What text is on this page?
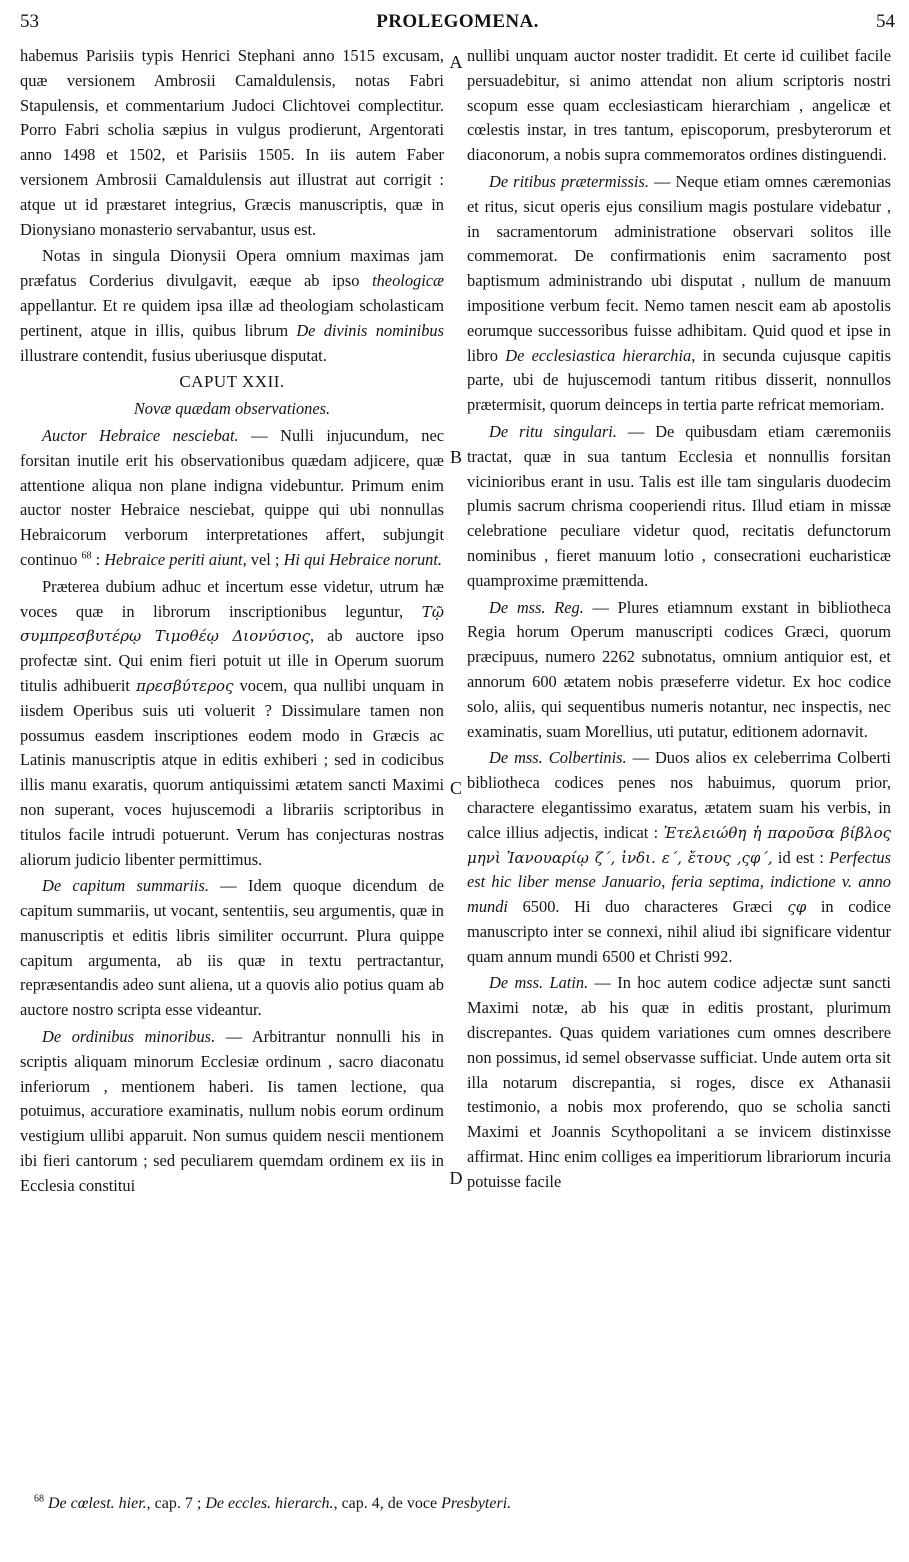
53	PROLEGOMENA.	54

habemus Parisiis typis Henrici Stephani anno 1515 excusam, quæ versionem Ambrosii Camaldulensis, notas Fabri Stapulensis, et commentarium Judoci Clichtovei complectitur. Porro Fabri scholia sæpius in vulgus prodierunt, Argentorati anno 1498 et 1502, et Parisiis 1505. In iis autem Faber versionem Ambrosii Camaldulensis aut illustrat aut corrigit : atque ut id præstaret integrius, Græcis manuscriptis, quæ in Dionysiano monasterio servabantur, usus est.

Notas in singula Dionysii Opera omnium maximas jam præfatus Corderius divulgavit, eæque ab ipso theologicæ appellantur. Et re quidem ipsa illæ ad theologiam scholasticam pertinent, atque in illis, quibus librum De divinis nominibus illustrare contendit, fusius uberiusque disputat.

CAPUT XXII.

Novæ quædam observationes.

Auctor Hebraice nesciebat. — Nulli injucundum, nec forsitan inutile erit his observationibus quædam adjicere, quæ attentione aliqua non plane indigna videbuntur. Primum enim auctor noster Hebraice nesciebat, quippe qui ubi nonnullas Hebraicorum verborum interpretationes affert, subjungit continuo $^{68}$ : Hebraice periti aiunt, vel ; Hi qui Hebraice norunt.

Præterea dubium adhuc et incertum esse videtur, utrum hæ voces quæ in librorum inscriptionibus leguntur, Τῷ συμπρεσβυτέρῳ Τιμοθέῳ Διονύσιος, ab auctore ipso profectæ sint. Qui enim fieri potuit ut ille in Operum suorum titulis adhibuerit πρεσβύτερος vocem, qua nullibi unquam in iisdem Operibus suis uti voluerit ? Dissimulare tamen non possumus easdem inscriptiones eodem modo in Græcis ac Latinis manuscriptis atque in editis exhiberi ; sed in codicibus illis manu exaratis, quorum antiquissimi ætatem sancti Maximi non superant, voces hujuscemodi a librariis scriptoribus in titulos facile intrudi potuerunt. Verum has conjecturas nostras aliorum judicio libenter permittimus.

De capitum summariis. — Idem quoque dicendum de capitum summariis, ut vocant, sententiis, seu argumentis, quæ in manuscriptis et editis libris similiter occurrunt. Plura quippe capitum argumenta, ab iis quæ in textu pertractantur, repræsentandis adeo sunt aliena, ut a quovis alio potius quam ab auctore nostro scripta esse videantur.

De ordinibus minoribus. — Arbitrantur nonnulli his in scriptis aliquam minorum Ecclesiæ ordinum , sacro diaconatu inferiorum , mentionem haberi. Iis tamen lectione, qua potuimus, accuratiore examinatis, nullum nobis eorum ordinum vestigium ullibi apparuit. Non sumus quidem nescii mentionem ibi fieri cantorum ; sed peculiarem quemdam ordinem ex iis in Ecclesia constitui

A
B
C
D

nullibi unquam auctor noster tradidit. Et certe id cuilibet facile persuadebitur, si animo attendat non alium scriptoris nostri scopum esse quam ecclesiasticam hierarchiam , angelicæ et cœlestis instar, in tres tantum, episcoporum, presbyterorum et diaconorum, a nobis supra commemoratos ordines distinguendi.

De ritibus prætermissis. — Neque etiam omnes cæremonias et ritus, sicut operis ejus consilium magis postulare videbatur , in sacramentorum administratione observari solitos ille commemorat. De confirmationis enim sacramento post baptismum administrando ubi disputat , nullum de manuum impositione verbum fecit. Nemo tamen nescit eam ab apostolis eorumque successoribus fuisse adhibitam. Quid quod et ipse in libro De ecclesiastica hierarchia, in secunda cujusque capitis parte, ubi de hujuscemodi tantum ritibus disserit, nonnullos prætermisit, quorum deinceps in tertia parte refricat memoriam.

De ritu singulari. — De quibusdam etiam cæremoniis tractat, quæ in sua tantum Ecclesia et nonnullis forsitan vicinioribus erant in usu. Talis est ille tam singularis duodecim plumis sacrum chrisma cooperiendi ritus. Illud etiam in missæ celebratione peculiare videtur quod, recitatis defunctorum nominibus , fieret manuum lotio , consecrationi eucharisticæ quamproxime præmittenda.

De mss. Reg. — Plures etiamnum exstant in bibliotheca Regia horum Operum manuscripti codices Græci, quorum præcipuus, numero 2262 subnotatus, omnium antiquior est, et annorum 600 ætatem nobis præseferre videtur. Ex hoc codice solo, aliis, qui sequentibus numeris notantur, nec inspectis, nec examinatis, suam Morellius, uti putatur, editionem adornavit.

De mss. Colbertinis. — Duos alios ex celeberrima Colberti bibliotheca codices penes nos habuimus, quorum prior, charactere elegantissimo exaratus, ætatem suam his verbis, in calce illius adjectis, indicat : Ἐτελειώθη ἡ παροῦσα βίβλος μηνὶ Ἰανουαρίῳ ζ΄, ἰνδι. ε΄, ἔτους ‚ςφ΄, id est : Perfectus est hic liber mense Januario, feria septima, indictione v. anno mundi 6500. Hi duo characteres Græci ςφ in codice manuscripto inter se connexi, nihil aliud ibi significare videntur quam annum mundi 6500 et Christi 992.

De mss. Latin. — In hoc autem codice adjectæ sunt sancti Maximi notæ, ab his quæ in editis prostant, plurimum discrepantes. Quas quidem variationes cum omnes describere non possimus, id semel observasse sufficiat. Unde autem orta sit illa notarum discrepantia, si roges, disce ex Athanasii testimonio, a nobis mox proferendo, quo se scholia sancti Maximi et Joannis Scythopolitani a se invicem distinxisse affirmat. Hinc enim colliges ea imperitiorum librariorum incuria potuisse facile

$^{68}$ De cœlest. hier., cap. 7 ; De eccles. hierarch., cap. 4, de voce Presbyteri.
